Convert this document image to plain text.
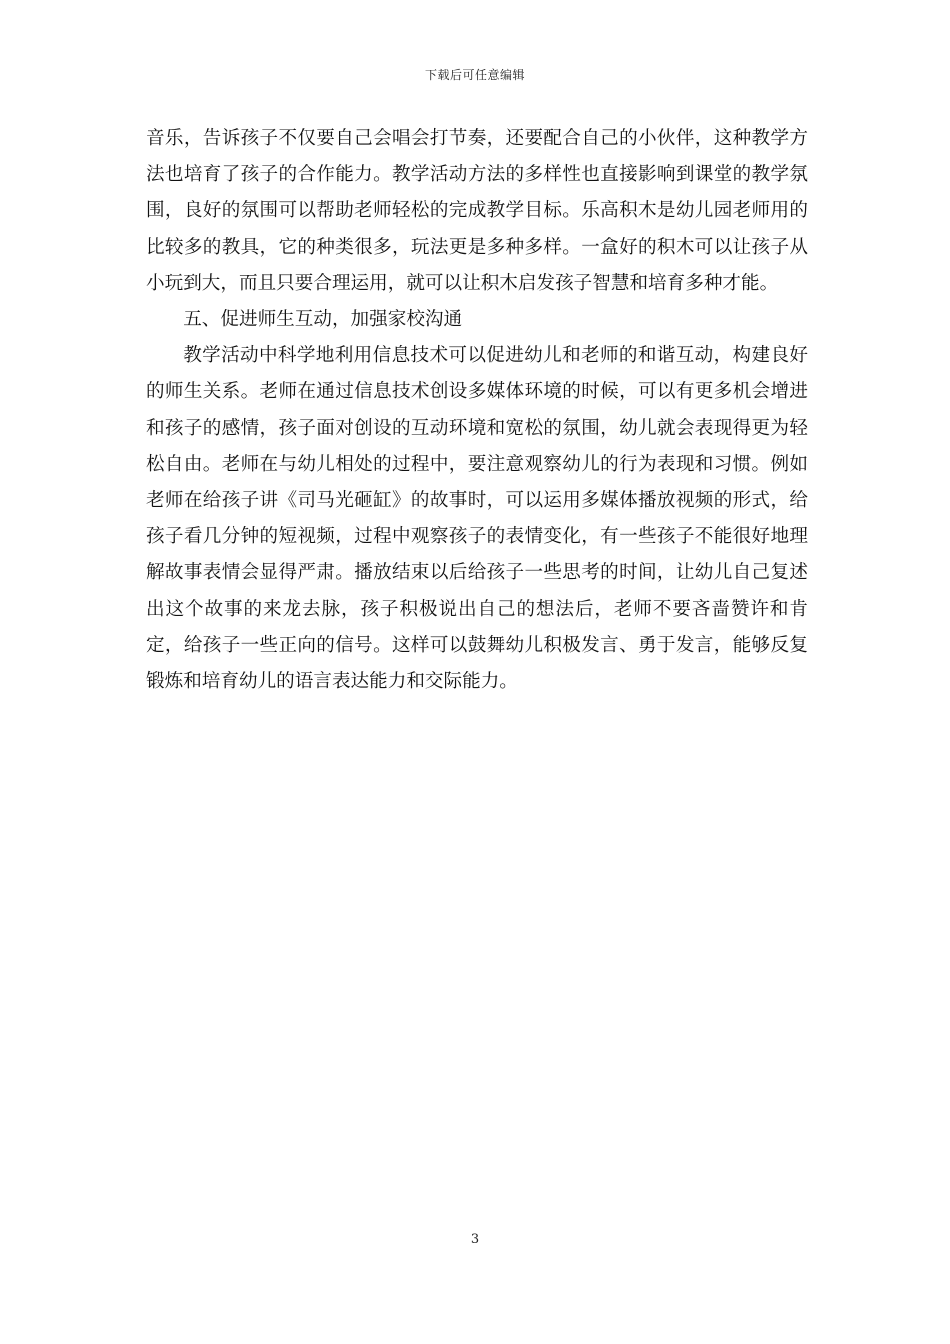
下载后可任意编辑

音乐，告诉孩子不仅要自己会唱会打节奏，还要配合自己的小伙伴，这种教学方法也培育了孩子的合作能力。教学活动方法的多样性也直接影响到课堂的教学氛围，良好的氛围可以帮助老师轻松的完成教学目标。乐高积木是幼儿园老师用的比较多的教具，它的种类很多，玩法更是多种多样。一盒好的积木可以让孩子从小玩到大，而且只要合理运用，就可以让积木启发孩子智慧和培育多种才能。

五、促进师生互动，加强家校沟通

教学活动中科学地利用信息技术可以促进幼儿和老师的和谐互动，构建良好的师生关系。老师在通过信息技术创设多媒体环境的时候，可以有更多机会增进和孩子的感情，孩子面对创设的互动环境和宽松的氛围，幼儿就会表现得更为轻松自由。老师在与幼儿相处的过程中，要注意观察幼儿的行为表现和习惯。例如老师在给孩子讲《司马光砸缸》的故事时，可以运用多媒体播放视频的形式，给孩子看几分钟的短视频，过程中观察孩子的表情变化，有一些孩子不能很好地理解故事表情会显得严肃。播放结束以后给孩子一些思考的时间，让幼儿自己复述出这个故事的来龙去脉，孩子积极说出自己的想法后，老师不要吝啬赞许和肯定，给孩子一些正向的信号。这样可以鼓舞幼儿积极发言、勇于发言，能够反复锻炼和培育幼儿的语言表达能力和交际能力。

3
